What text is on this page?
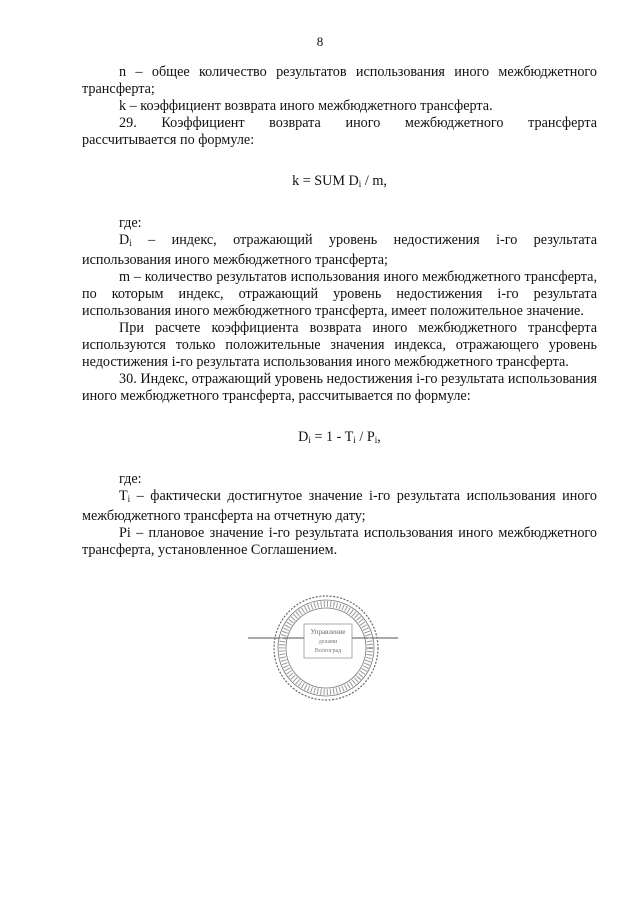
8

n – общее количество результатов использования иного межбюджетного трансферта;

k – коэффициент возврата иного межбюджетного трансферта.

29. Коэффициент возврата иного межбюджетного трансферта

рассчитывается по формуле:

k = SUM $D_i$ / m,

где:

$D_i$ – индекс, отражающий уровень недостижения i-го результата использования иного межбюджетного трансферта;

m – количество результатов использования иного межбюджетного трансферта, по которым индекс, отражающий уровень недостижения i-го результата использования иного межбюджетного трансферта, имеет положительное значение.

При расчете коэффициента возврата иного межбюджетного трансферта используются только положительные значения индекса, отражающего уровень недостижения i-го результата использования иного межбюджетного трансферта.

30. Индекс, отражающий уровень недостижения i-го результата использования иного межбюджетного трансферта, рассчитывается по формуле:

$D_i = 1 - T_i / P_i$,

где:

$T_i$ – фактически достигнутое значение i-го результата использования иного межбюджетного трансферта на отчетную дату;

Pi – плановое значение i-го результата использования иного межбюджетного трансферта, установленное Соглашением.

Управление
делами
Волгоград
